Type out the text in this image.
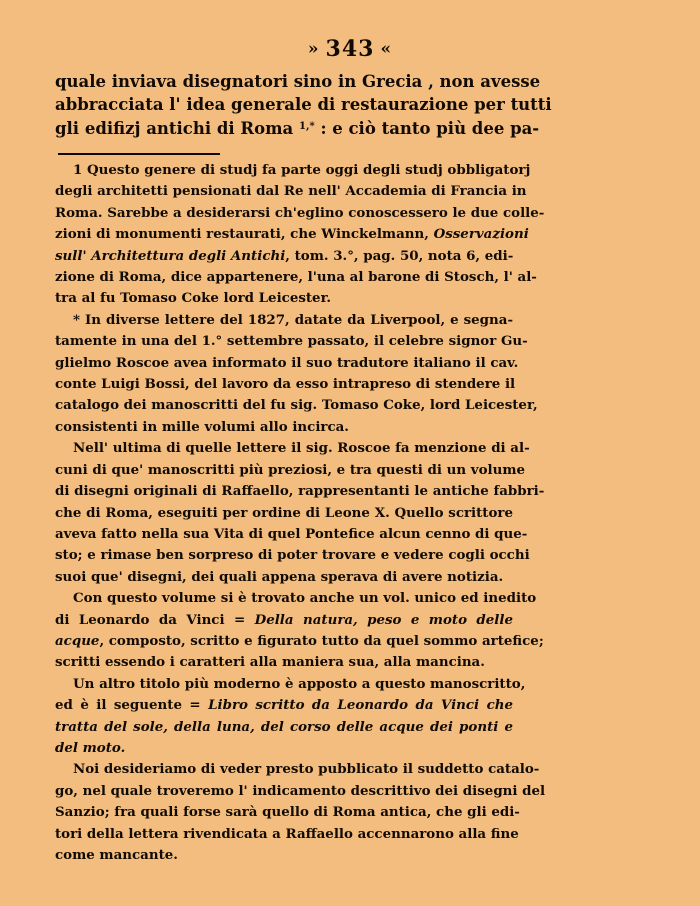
» 343 «
quale inviava disegnatori sino in Grecia , non avesse
abbracciata l' idea generale di restaurazione per tutti
gli edifizj antichi di Roma $^{1,*}$ : e ciò tanto più dee pa-
1 Questo genere di studj fa parte oggi degli studj obbligatorj
degli architetti pensionati dal Re nell' Accademia di Francia in
Roma. Sarebbe a desiderarsi ch'eglino conoscessero le due colle-
zioni di monumenti restaurati, che Winckelmann, Osservazioni
sull' Architettura degli Antichi, tom. 3.°, pag. 50, nota 6, edi-
zione di Roma, dice appartenere, l'una al barone di Stosch, l' al-
tra al fu Tomaso Coke lord Leicester.
* In diverse lettere del 1827, datate da Liverpool, e segna-
tamente in una del 1.° settembre passato, il celebre signor Gu-
glielmo Roscoe avea informato il suo tradutore italiano il cav.
conte Luigi Bossi, del lavoro da esso intrapreso di stendere il
catalogo dei manoscritti del fu sig. Tomaso Coke, lord Leicester,
consistenti in mille volumi allo incirca.
Nell' ultima di quelle lettere il sig. Roscoe fa menzione di al-
cuni di que' manoscritti più preziosi, e tra questi di un volume
di disegni originali di Raffaello, rappresentanti le antiche fabbri-
che di Roma, eseguiti per ordine di Leone X. Quello scrittore
aveva fatto nella sua Vita di quel Pontefice alcun cenno di que-
sto; e rimase ben sorpreso di poter trovare e vedere cogli occhi
suoi que' disegni, dei quali appena sperava di avere notizia.
Con questo volume si è trovato anche un vol. unico ed inedito
di Leonardo da Vinci = Della natura, peso e moto delle
acque, composto, scritto e figurato tutto da quel sommo artefice;
scritti essendo i caratteri alla maniera sua, alla mancina.
Un altro titolo più moderno è apposto a questo manoscritto,
ed è il seguente = Libro scritto da Leonardo da Vinci che
tratta del sole, della luna, del corso delle acque dei ponti e
del moto.
Noi desideriamo di veder presto pubblicato il suddetto catalo-
go, nel quale troveremo l' indicamento descrittivo dei disegni del
Sanzio; fra quali forse sarà quello di Roma antica, che gli edi-
tori della lettera rivendicata a Raffaello accennarono alla fine
come mancante.
